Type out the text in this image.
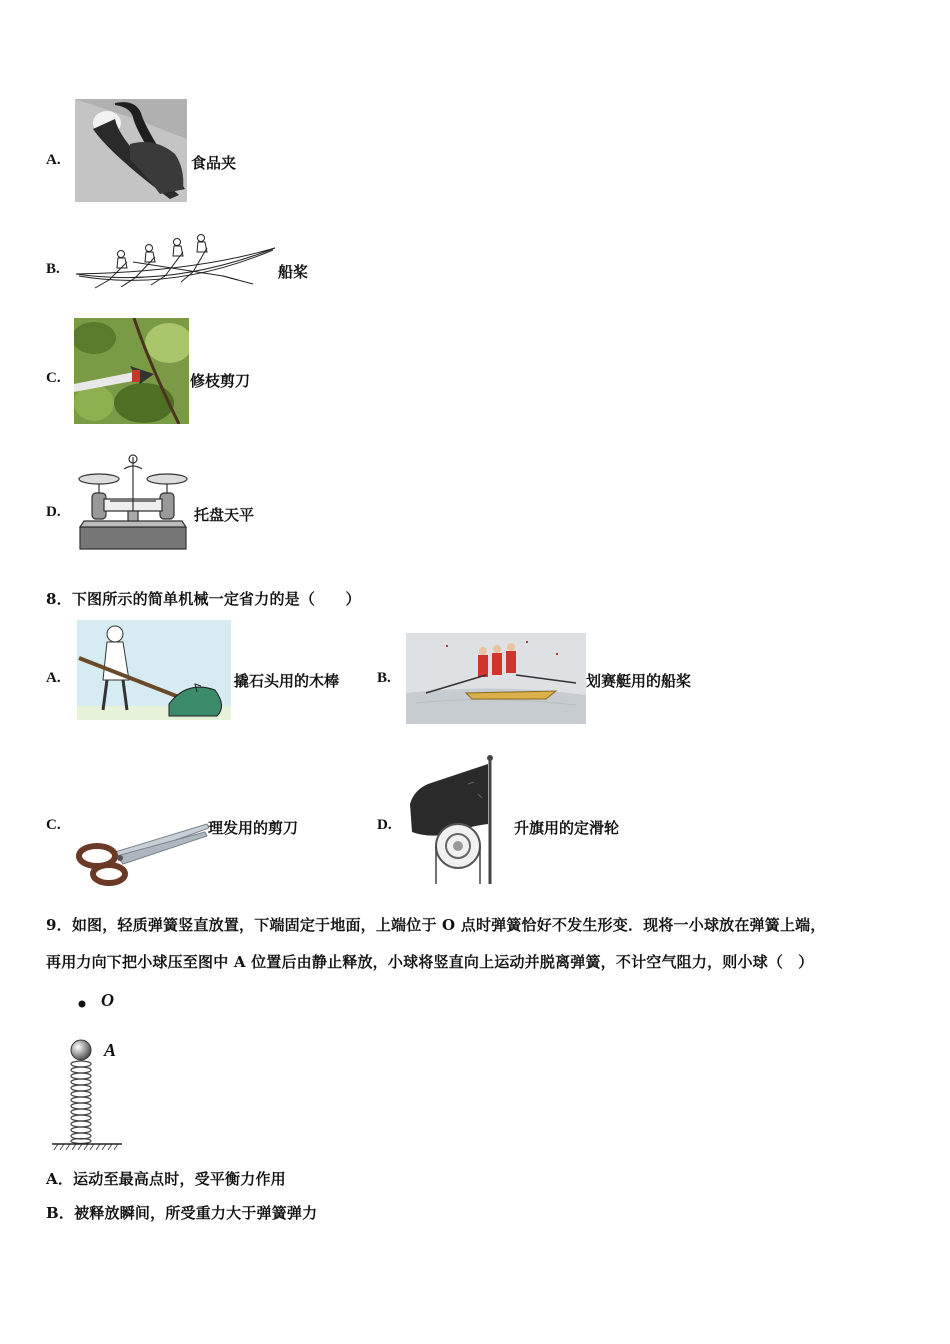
A.	食品夹
B.	船桨
C.	修枝剪刀
D.	托盘天平
8．下图所示的简单机械一定省力的是（　　）
A.	撬石头用的木棒	B.	划赛艇用的船桨
C.	理发用的剪刀	D.	升旗用的定滑轮
9．如图，轻质弹簧竖直放置，下端固定于地面，上端位于 O 点时弹簧恰好不发生形变．现将一小球放在弹簧上端，
再用力向下把小球压至图中 A 位置后由静止释放，小球将竖直向上运动并脱离弹簧，不计空气阻力，则小球（　）
O
A
A．运动至最高点时，受平衡力作用
B．被释放瞬间，所受重力大于弹簧弹力
